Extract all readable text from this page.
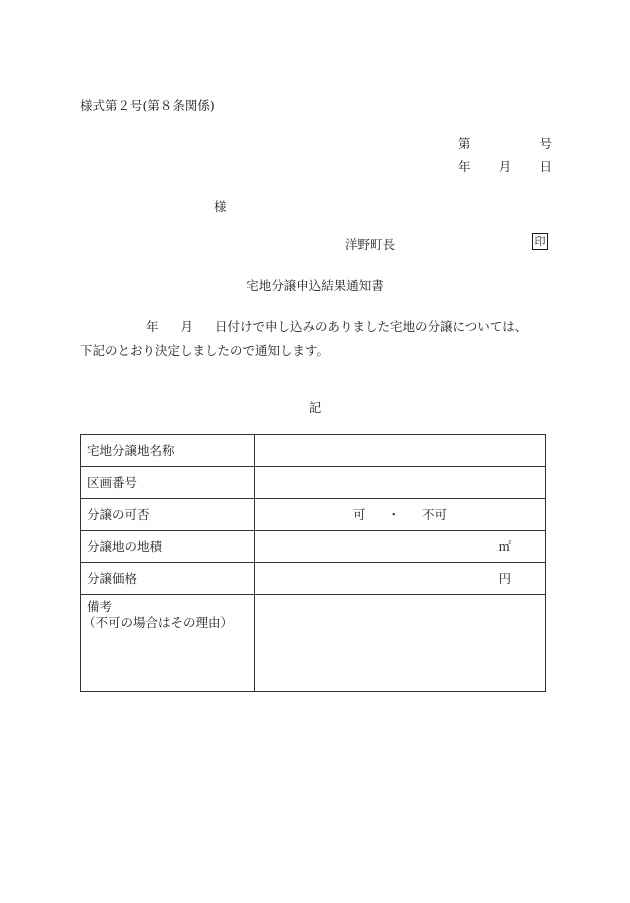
様式第２号(第８条関係)
第	号
年 月 日
様
洋野町長	印
宅地分譲申込結果通知書
年 月 日付けで申し込みのありました宅地の分譲については、
下記のとおり決定しましたので通知します。
記
宅地分譲地名称	
区画番号	
分譲の可否	可 ・ 不可
分譲地の地積	㎡
分譲価格	円
備考
（不可の場合はその理由）	
